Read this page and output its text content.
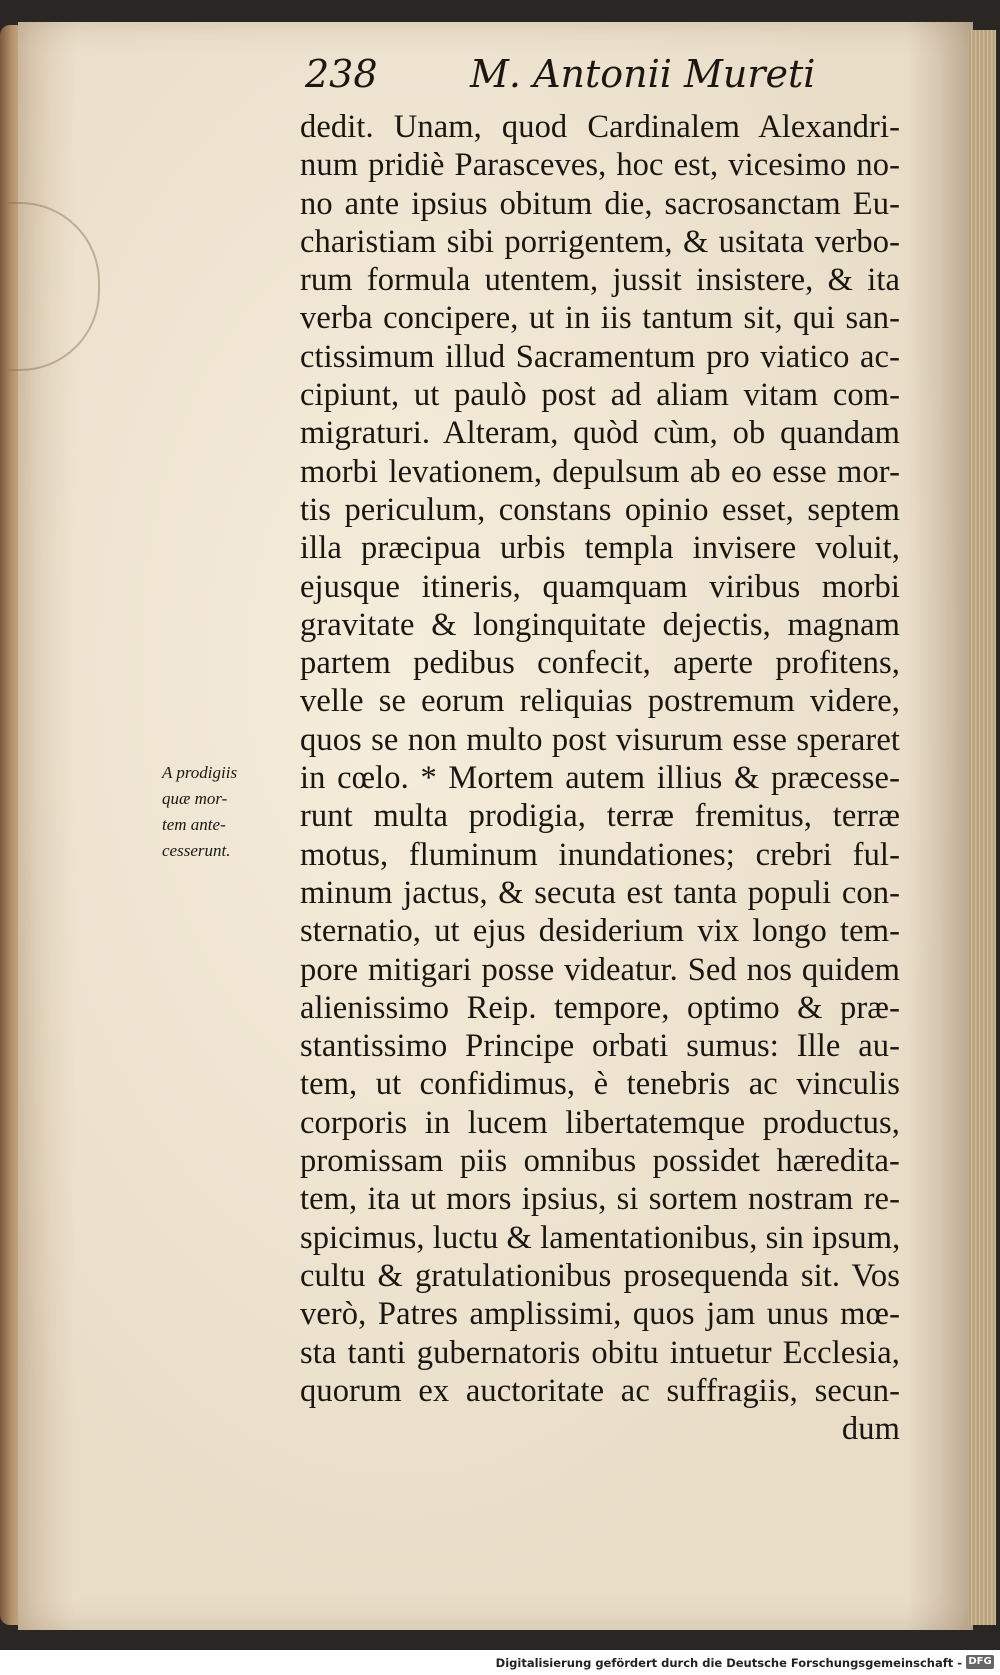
238 M. Antonii Mureti
dedit. Unam, quod Cardinalem Alexandri-
num pridiè Parasceves, hoc est, vicesimo no-
no ante ipsius obitum die, sacrosanctam Eu-
charistiam sibi porrigentem, & usitata verbo-
rum formula utentem, jussit insistere, & ita
verba concipere, ut in iis tantum sit, qui san-
ctissimum illud Sacramentum pro viatico ac-
cipiunt, ut paulò post ad aliam vitam com-
migraturi. Alteram, quòd cùm, ob quandam
morbi levationem, depulsum ab eo esse mor-
tis periculum, constans opinio esset, septem
illa præcipua urbis templa invisere voluit,
ejusque itineris, quamquam viribus morbi
gravitate & longinquitate dejectis, magnam
partem pedibus confecit, aperte profitens,
velle se eorum reliquias postremum videre,
quos se non multo post visurum esse speraret
in cœlo. * Mortem autem illius & præcesse-
runt multa prodigia, terræ fremitus, terræ
motus, fluminum inundationes; crebri ful-
minum jactus, & secuta est tanta populi con-
sternatio, ut ejus desiderium vix longo tem-
pore mitigari posse videatur. Sed nos quidem
alienissimo Reip. tempore, optimo & præ-
stantissimo Principe orbati sumus: Ille au-
tem, ut confidimus, è tenebris ac vinculis
corporis in lucem libertatemque productus,
promissam piis omnibus possidet hæredita-
tem, ita ut mors ipsius, si sortem nostram re-
spicimus, luctu & lamentationibus, sin ipsum,
cultu & gratulationibus prosequenda sit. Vos
verò, Patres amplissimi, quos jam unus mœ-
sta tanti gubernatoris obitu intuetur Ecclesia,
quorum ex auctoritate ac suffragiis, secun-
dum
A prodigiis
quæ mor-
tem ante-
cesserunt.
Digitalisierung gefördert durch die Deutsche Forschungsgemeinschaft - DFG
